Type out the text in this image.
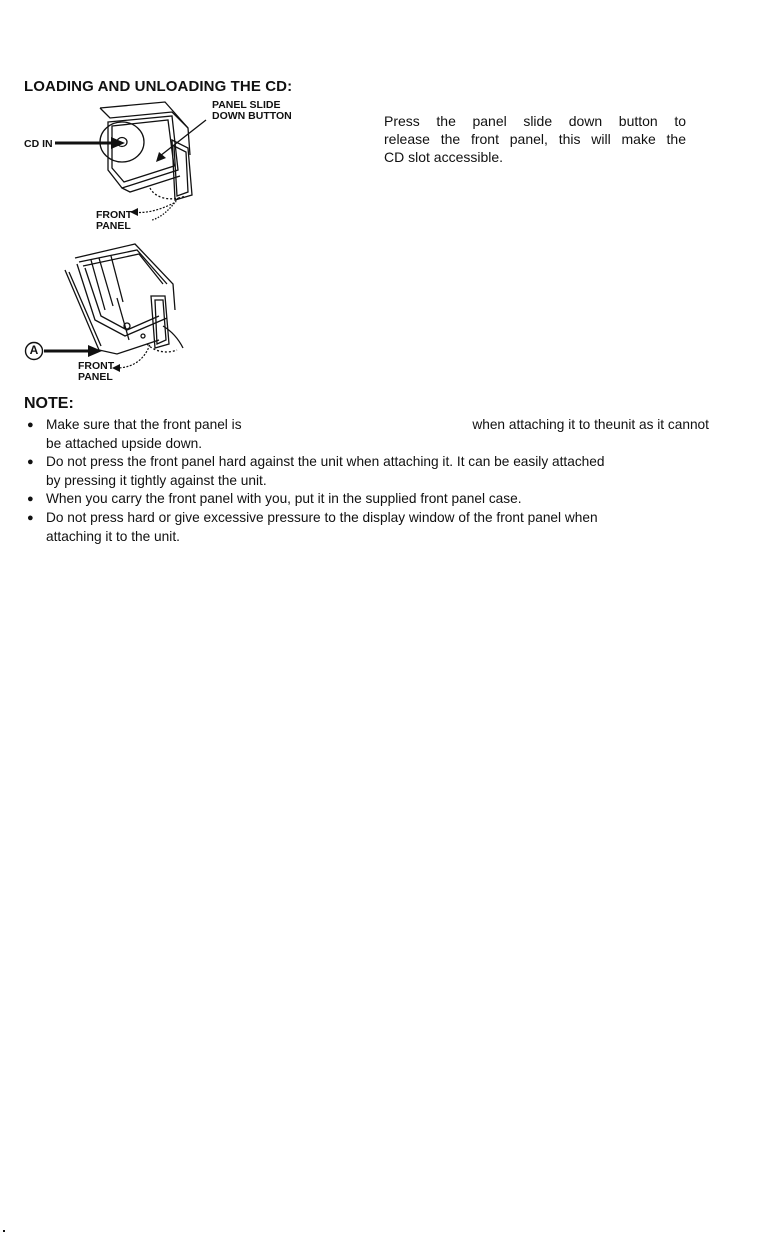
LOADING AND UNLOADING THE CD:
PANEL SLIDE
DOWN BUTTON
CD IN
FRONT
PANEL
A
FRONT
PANEL
Press the panel slide down button to
release the front panel, this will make the
CD slot accessible.
NOTE:
● Make sure that the front panel is	when attaching it to theunit as it cannot
be attached upside down.
● Do not press the front panel hard against the unit when attaching it. It can be easily attached
by pressing it tightly against the unit.
● When you carry the front panel with you, put it in the supplied front panel case.
● Do not press hard or give excessive pressure to the display window of the front panel when
attaching it to the unit.
